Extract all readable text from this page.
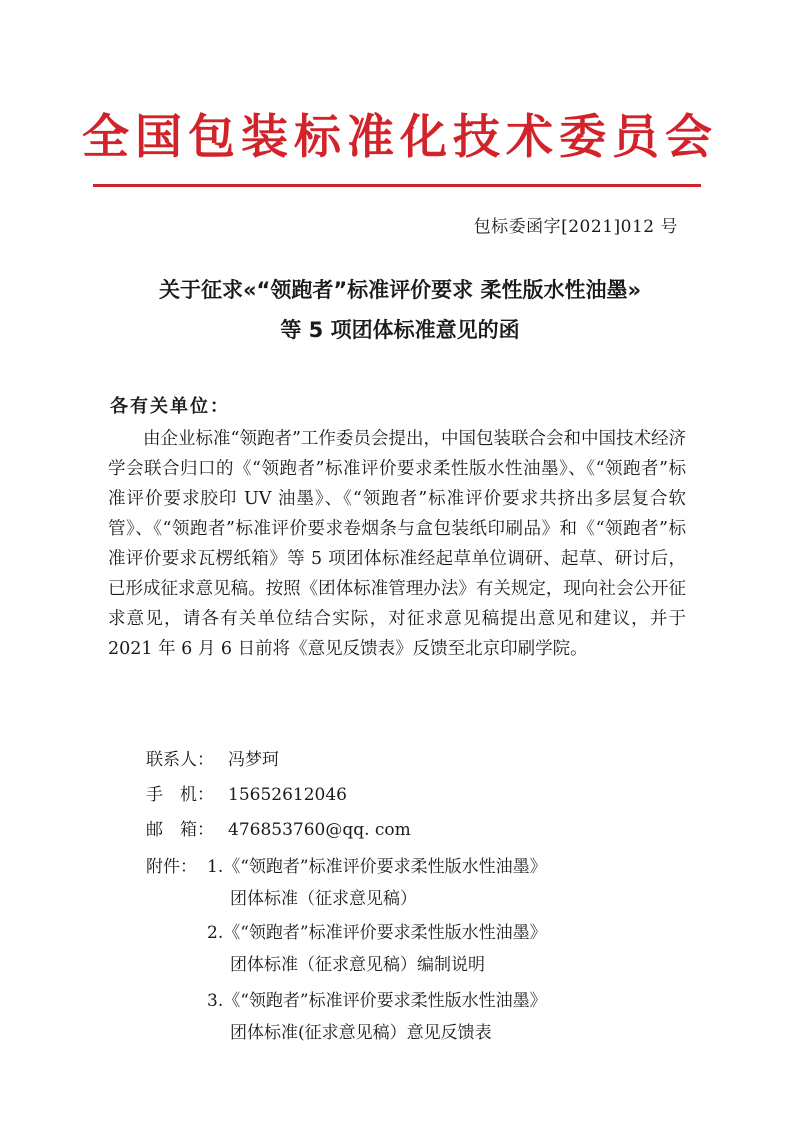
全国包装标准化技术委员会
包标委函字[2021]012 号
关于征求«“领跑者”标准评价要求 柔性版水性油墨»
等 5 项团体标准意见的函
各有关单位：

由企业标准“领跑者”工作委员会提出，中国包装联合会和中国技术经济学会联合归口的《“领跑者”标准评价要求柔性版水性油墨》、《“领跑者”标准评价要求胶印 UV 油墨》、《“领跑者”标准评价要求共挤出多层复合软管》、《“领跑者”标准评价要求卷烟条与盒包装纸印刷品》和《“领跑者”标准评价要求瓦楞纸箱》等 5 项团体标准经起草单位调研、起草、研讨后，已形成征求意见稿。按照《团体标准管理办法》有关规定，现向社会公开征求意见，请各有关单位结合实际，对征求意见稿提出意见和建议，并于 2021 年 6 月 6 日前将《意见反馈表》反馈至北京印刷学院。

联系人： 冯梦珂
手　机： 15652612046
邮　箱： 476853760@qq. com
附件： 1.《“领跑者”标准评价要求柔性版水性油墨》
团体标准（征求意见稿）
2.《“领跑者”标准评价要求柔性版水性油墨》
团体标准（征求意见稿）编制说明
3.《“领跑者”标准评价要求柔性版水性油墨》
团体标准(征求意见稿）意见反馈表
